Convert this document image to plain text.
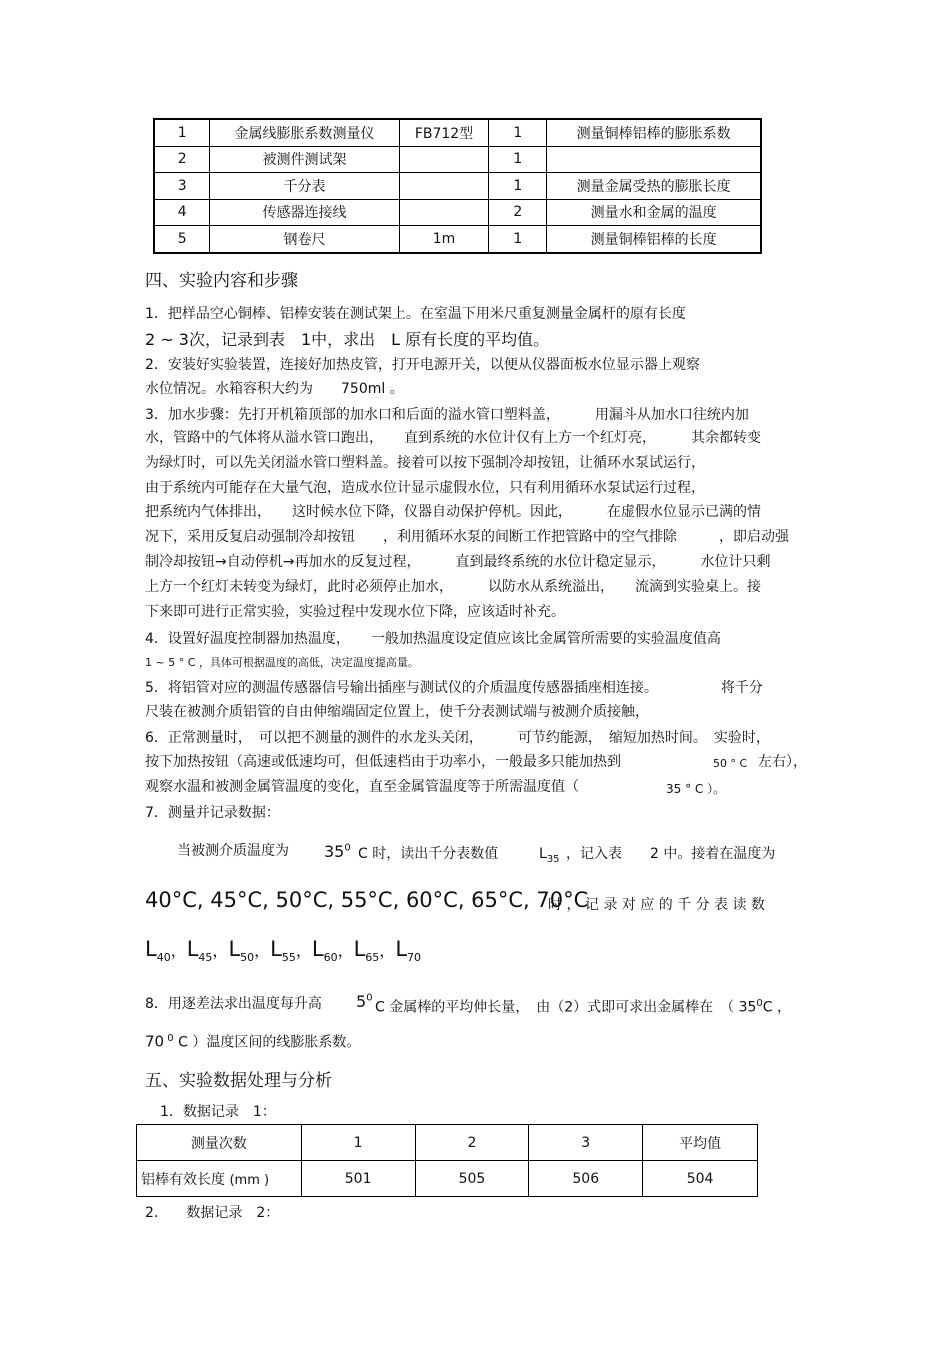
1	金属线膨胀系数测量仪	FB712型	1	测量铜棒铝棒的膨胀系数
2	被测件测试架		1	
3	千分表		1	测量金属受热的膨胀长度
4	传感器连接线		2	测量水和金属的温度
5	钢卷尺	1m	1	测量铜棒铝棒的长度
四、实验内容和步骤
1．把样品空心铜棒、铝棒安装在测试架上。在室温下用米尺重复测量金属杆的原有长度
2 ~ 3次，记录到表　1中，求出　L 原有长度的平均值。
2．安装好实验装置，连接好加热皮管，打开电源开关，以便从仪器面板水位显示器上观察
水位情况。水箱容积大约为　　750ml 。
3．加水步骤：先打开机箱顶部的加水口和后面的溢水管口塑料盖，　　　用漏斗从加水口往统内加
水，管路中的气体将从溢水管口跑出，　　直到系统的水位计仅有上方一个红灯亮，　　　其余都转变
为绿灯时，可以先关闭溢水管口塑料盖。接着可以按下强制冷却按钮，让循环水泵试运行，
由于系统内可能存在大量气泡，造成水位计显示虚假水位，只有利用循环水泵试运行过程，
把系统内气体排出，　　这时候水位下降，仪器自动保护停机。因此，　　　在虚假水位显示已满的情
况下，采用反复启动强制冷却按钮　　，利用循环水泵的间断工作把管路中的空气排除　　　，即启动强
制冷却按钮→自动停机→再加水的反复过程，　　　直到最终系统的水位计稳定显示，　　　水位计只剩
上方一个红灯未转变为绿灯，此时必须停止加水，　　　以防水从系统溢出，　　流滴到实验桌上。接
下来即可进行正常实验，实验过程中发现水位下降，应该适时补充。
4．设置好温度控制器加热温度，　　一般加热温度设定值应该比金属管所需要的实验温度值高
1 ~ 5 ° C ，具体可根据温度的高低，决定温度提高量。
5．将铝管对应的测温传感器信号输出插座与测试仪的介质温度传感器插座相连接。　　　　　将千分
尺装在被测介质铝管的自由伸缩端固定位置上，使千分表测试端与被测介质接触，
6．正常测量时，　可以把不测量的测件的水龙头关闭，　　　可节约能源，　缩短加热时间。　实验时，
按下加热按钮（高速或低速均可，但低速档由于功率小，一般最多只能加热到	50 ° C 左右），
观察水温和被测金属管温度的变化，直至金属管温度等于所需温度值（	35 ° C ）。
7．测量并记录数据：
当被测介质温度为 $35^0$ C 时，读出千分表数值	$L_{35}$ ，记入表　　2 中。接着在温度为
40°C, 45°C, 50°C, 55°C, 60°C, 65°C, 70°C
时 ， 记 录 对 应 的 千 分 表 读 数
$L_{40}$，$L_{45}$，$L_{50}$，$L_{55}$，$L_{60}$，$L_{65}$，$L_{70}$
8．用逐差法求出温度每升高 $5^0$
C 金属棒的平均伸长量，　由（2）式即可求出金属棒在　（ $35^0C$ ，
70 $^0$ C ）温度区间的线膨胀系数。
五、实验数据处理与分析
1．数据记录　1：
测量次数	1	2	3	平均值
铝棒有效长度 (mm )	501	505	506	504
2.　　数据记录　2：
